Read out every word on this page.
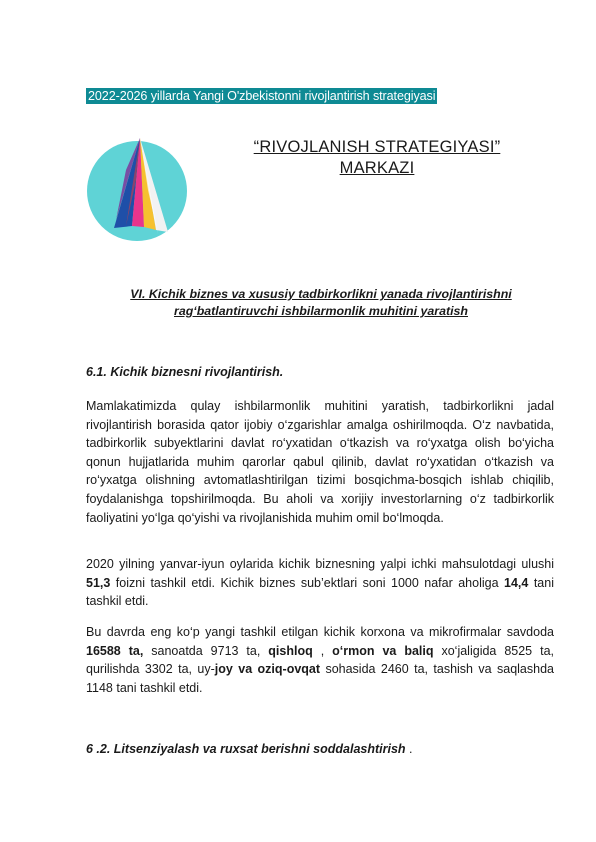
2022-2026 yillarda Yangi O'zbekistonni rivojlantirish strategiyasi
“RIVOJLANISH STRATEGIYASI”
MARKAZI
VI. Kichik biznes va xususiy tadbirkorlikni yanada rivojlantirishni
rag‘batlantiruvchi ishbilarmonlik muhitini yaratish
6.1. Kichik biznesni rivojlantirish.
Mamlakatimizda qulay ishbilarmonlik muhitini yaratish, tadbirkorlikni jadal rivojlantirish borasida qator ijobiy o‘zgarishlar amalga oshirilmoqda. O‘z navbatida, tadbirkorlik subyektlarini davlat ro‘yxatidan o‘tkazish va ro‘yxatga olish bo‘yicha qonun hujjatlarida muhim qarorlar qabul qilinib, davlat ro‘yxatidan o‘tkazish va ro‘yxatga olishning avtomatlashtirilgan tizimi bosqichma-bosqich ishlab chiqilib, foydalanishga topshirilmoqda. Bu aholi va xorijiy investorlarning o‘z tadbirkorlik faoliyatini yo‘lga qo‘yishi va rivojlanishida muhim omil bo‘lmoqda.
2020 yilning yanvar-iyun oylarida kichik biznesning yalpi ichki mahsulotdagi ulushi 51,3 foizni tashkil etdi. Kichik biznes sub’ektlari soni 1000 nafar aholiga 14,4 tani tashkil etdi.
Bu davrda eng ko‘p yangi tashkil etilgan kichik korxona va mikrofirmalar savdoda 16588 ta, sanoatda 9713 ta, qishloq , o‘rmon va baliq xo‘jaligida 8525 ta, qurilishda 3302 ta, uy-joy va oziq-ovqat sohasida 2460 ta, tashish va saqlashda 1148 tani tashkil etdi.
6 .2. Litsenziyalash va ruxsat berishni soddalashtirish .
